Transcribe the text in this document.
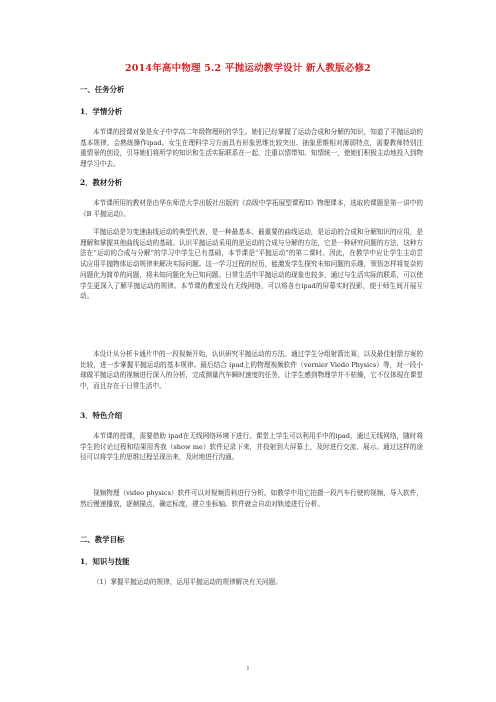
2014年高中物理 5.2 平抛运动教学设计 新人教版必修2
一、任务分析
1．学情分析

本节课的授课对象是女子中学高二年级物理班的学生。她们已经掌握了运动合成和分解的知识，知道了平抛运动的基本规律，会熟练操作ipad。女生在理科学习方面具有形象思维比较突出、抽象思维相对薄弱特点，需要教师特别注重情景的创设，引导她们将所学的知识和生活实际联系在一起，注重以情带知、知情统一，使她们积极主动地投入到物理学习中去。

2．教材分析

本节课所用的教材是由华东师范大学出版社出版的《高级中学拓展型课程II》物理课本，选取的课题是第一讲中的《B 平抛运动》。

平抛运动是匀变速曲线运动的典型代表，是一种最基本、最重要的曲线运动，是运动的合成和分解知识的应用，是理解和掌握其他曲线运动的基础。认识平抛运动采用的是运动的合成与分解的方法，它是一种研究问题的方法，这种方法在“运动的合成与分解”的学习中学生已有基础，本节课是“平抛运动”的第二课时。因此，在教学中应让学生主动尝试应用平抛物体运动规律来解决实际问题。这一学习过程的经历，能激发学生探究未知问题的乐趣，领悟怎样将复杂的问题化为简单的问题，将未知问题化为已知问题。日常生活中平抛运动的现象也较多，通过与生活实际的联系，可以使学生更深入了解平抛运动的规律。本节课的教室设有无线网络，可以将各台ipad的屏幕实时投影，便于师生间开展互动。

本设计从分析卡通片中的一段视频开始，认识研究平抛运动的方法。通过学生分组射箭比赛，以及最佳射箭方案的比较，进一步掌握平抛运动的基本规律。最后结合 ipad上的物理视频软件（vernier Viedo Physics）等，对一段小球做平抛运动的视频进行深入的分析，完成测量汽车瞬时速度的任务，让学生感到物理学并不枯燥，它不仅体现在课堂中，而且存在于日常生活中。

3．特色介绍

本节课的授课，需要借助 ipad在无线网络环境下进行。课堂上学生可以利用手中的ipad，通过无线网络，随时将学生的讨论过程和结果用秀我（show me）软件记录下来，并投射到大屏幕上，及时进行交流、展示。通过这样的途径可以将学生的思维过程呈现出来，及时地进行沟通。

视频物理（video physics）软件可以对视频资料进行分析。如教学中用它拍摄一段汽车行驶的视频，导入软件，然后慢速播放，逐帧描点，确定标度，建立坐标轴。软件就会自动对轨迹进行分析。

二、教学目标
1．知识与技能

（1）掌握平抛运动的规律，运用平抛运动的规律解决有关问题。

1
